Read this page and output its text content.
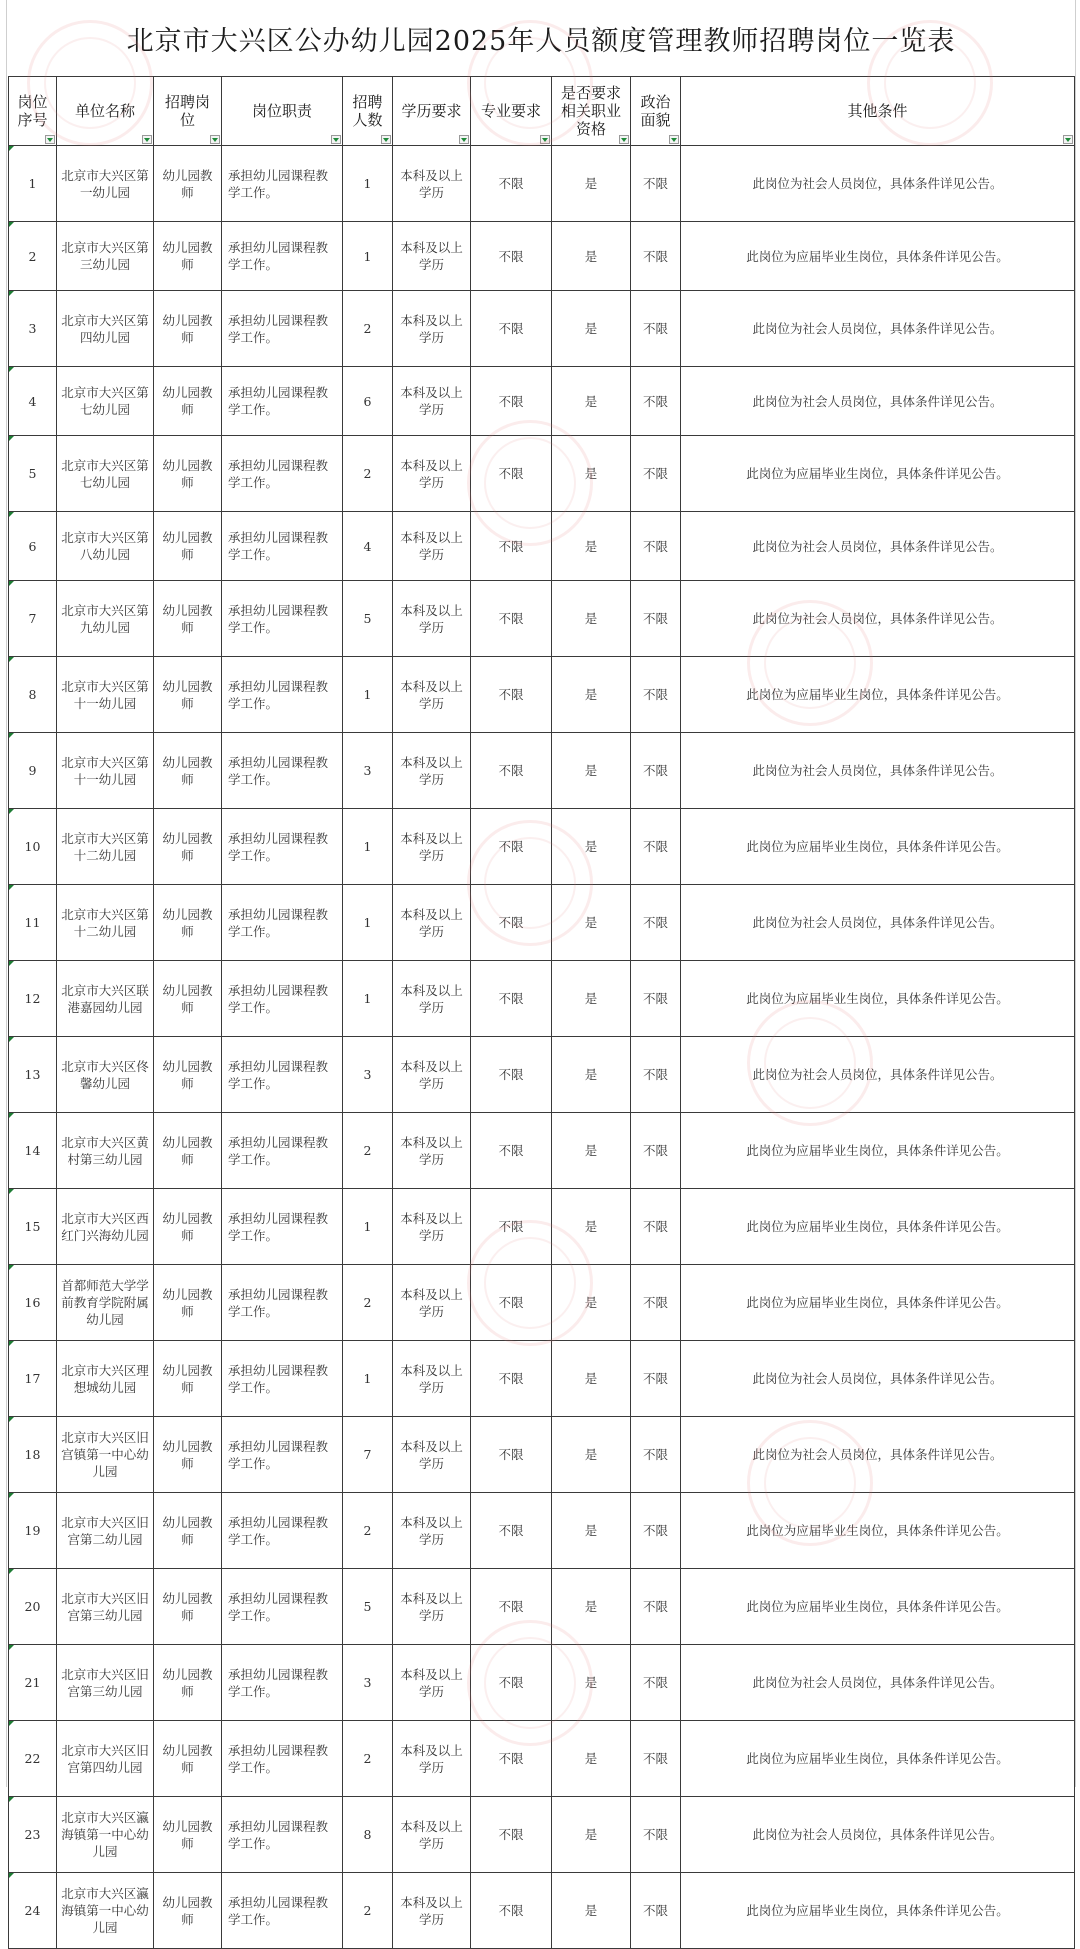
北京市大兴区公办幼儿园2025年人员额度管理教师招聘岗位一览表
岗位序号	单位名称	招聘岗位	岗位职责	招聘人数	学历要求	专业要求	是否要求相关职业资格	政治面貌	其他条件

1	北京市大兴区第一幼儿园	幼儿园教师	承担幼儿园课程教学工作。	1	本科及以上学历	不限	是	不限	此岗位为社会人员岗位，具体条件详见公告。
2	北京市大兴区第三幼儿园	幼儿园教师	承担幼儿园课程教学工作。	1	本科及以上学历	不限	是	不限	此岗位为应届毕业生岗位，具体条件详见公告。
3	北京市大兴区第四幼儿园	幼儿园教师	承担幼儿园课程教学工作。	2	本科及以上学历	不限	是	不限	此岗位为社会人员岗位，具体条件详见公告。
4	北京市大兴区第七幼儿园	幼儿园教师	承担幼儿园课程教学工作。	6	本科及以上学历	不限	是	不限	此岗位为社会人员岗位，具体条件详见公告。
5	北京市大兴区第七幼儿园	幼儿园教师	承担幼儿园课程教学工作。	2	本科及以上学历	不限	是	不限	此岗位为应届毕业生岗位，具体条件详见公告。
6	北京市大兴区第八幼儿园	幼儿园教师	承担幼儿园课程教学工作。	4	本科及以上学历	不限	是	不限	此岗位为社会人员岗位，具体条件详见公告。
7	北京市大兴区第九幼儿园	幼儿园教师	承担幼儿园课程教学工作。	5	本科及以上学历	不限	是	不限	此岗位为社会人员岗位，具体条件详见公告。
8	北京市大兴区第十一幼儿园	幼儿园教师	承担幼儿园课程教学工作。	1	本科及以上学历	不限	是	不限	此岗位为应届毕业生岗位，具体条件详见公告。
9	北京市大兴区第十一幼儿园	幼儿园教师	承担幼儿园课程教学工作。	3	本科及以上学历	不限	是	不限	此岗位为社会人员岗位，具体条件详见公告。
10	北京市大兴区第十二幼儿园	幼儿园教师	承担幼儿园课程教学工作。	1	本科及以上学历	不限	是	不限	此岗位为应届毕业生岗位，具体条件详见公告。
11	北京市大兴区第十二幼儿园	幼儿园教师	承担幼儿园课程教学工作。	1	本科及以上学历	不限	是	不限	此岗位为社会人员岗位，具体条件详见公告。
12	北京市大兴区联港嘉园幼儿园	幼儿园教师	承担幼儿园课程教学工作。	1	本科及以上学历	不限	是	不限	此岗位为应届毕业生岗位，具体条件详见公告。
13	北京市大兴区佟馨幼儿园	幼儿园教师	承担幼儿园课程教学工作。	3	本科及以上学历	不限	是	不限	此岗位为社会人员岗位，具体条件详见公告。
14	北京市大兴区黄村第三幼儿园	幼儿园教师	承担幼儿园课程教学工作。	2	本科及以上学历	不限	是	不限	此岗位为应届毕业生岗位，具体条件详见公告。
15	北京市大兴区西红门兴海幼儿园	幼儿园教师	承担幼儿园课程教学工作。	1	本科及以上学历	不限	是	不限	此岗位为应届毕业生岗位，具体条件详见公告。
16	首都师范大学学前教育学院附属幼儿园	幼儿园教师	承担幼儿园课程教学工作。	2	本科及以上学历	不限	是	不限	此岗位为应届毕业生岗位，具体条件详见公告。
17	北京市大兴区理想城幼儿园	幼儿园教师	承担幼儿园课程教学工作。	1	本科及以上学历	不限	是	不限	此岗位为社会人员岗位，具体条件详见公告。
18	北京市大兴区旧宫镇第一中心幼儿园	幼儿园教师	承担幼儿园课程教学工作。	7	本科及以上学历	不限	是	不限	此岗位为社会人员岗位，具体条件详见公告。
19	北京市大兴区旧宫第二幼儿园	幼儿园教师	承担幼儿园课程教学工作。	2	本科及以上学历	不限	是	不限	此岗位为应届毕业生岗位，具体条件详见公告。
20	北京市大兴区旧宫第三幼儿园	幼儿园教师	承担幼儿园课程教学工作。	5	本科及以上学历	不限	是	不限	此岗位为应届毕业生岗位，具体条件详见公告。
21	北京市大兴区旧宫第三幼儿园	幼儿园教师	承担幼儿园课程教学工作。	3	本科及以上学历	不限	是	不限	此岗位为社会人员岗位，具体条件详见公告。
22	北京市大兴区旧宫第四幼儿园	幼儿园教师	承担幼儿园课程教学工作。	2	本科及以上学历	不限	是	不限	此岗位为应届毕业生岗位，具体条件详见公告。
23	北京市大兴区瀛海镇第一中心幼儿园	幼儿园教师	承担幼儿园课程教学工作。	8	本科及以上学历	不限	是	不限	此岗位为社会人员岗位，具体条件详见公告。
24	北京市大兴区瀛海镇第一中心幼儿园	幼儿园教师	承担幼儿园课程教学工作。	2	本科及以上学历	不限	是	不限	此岗位为应届毕业生岗位，具体条件详见公告。
